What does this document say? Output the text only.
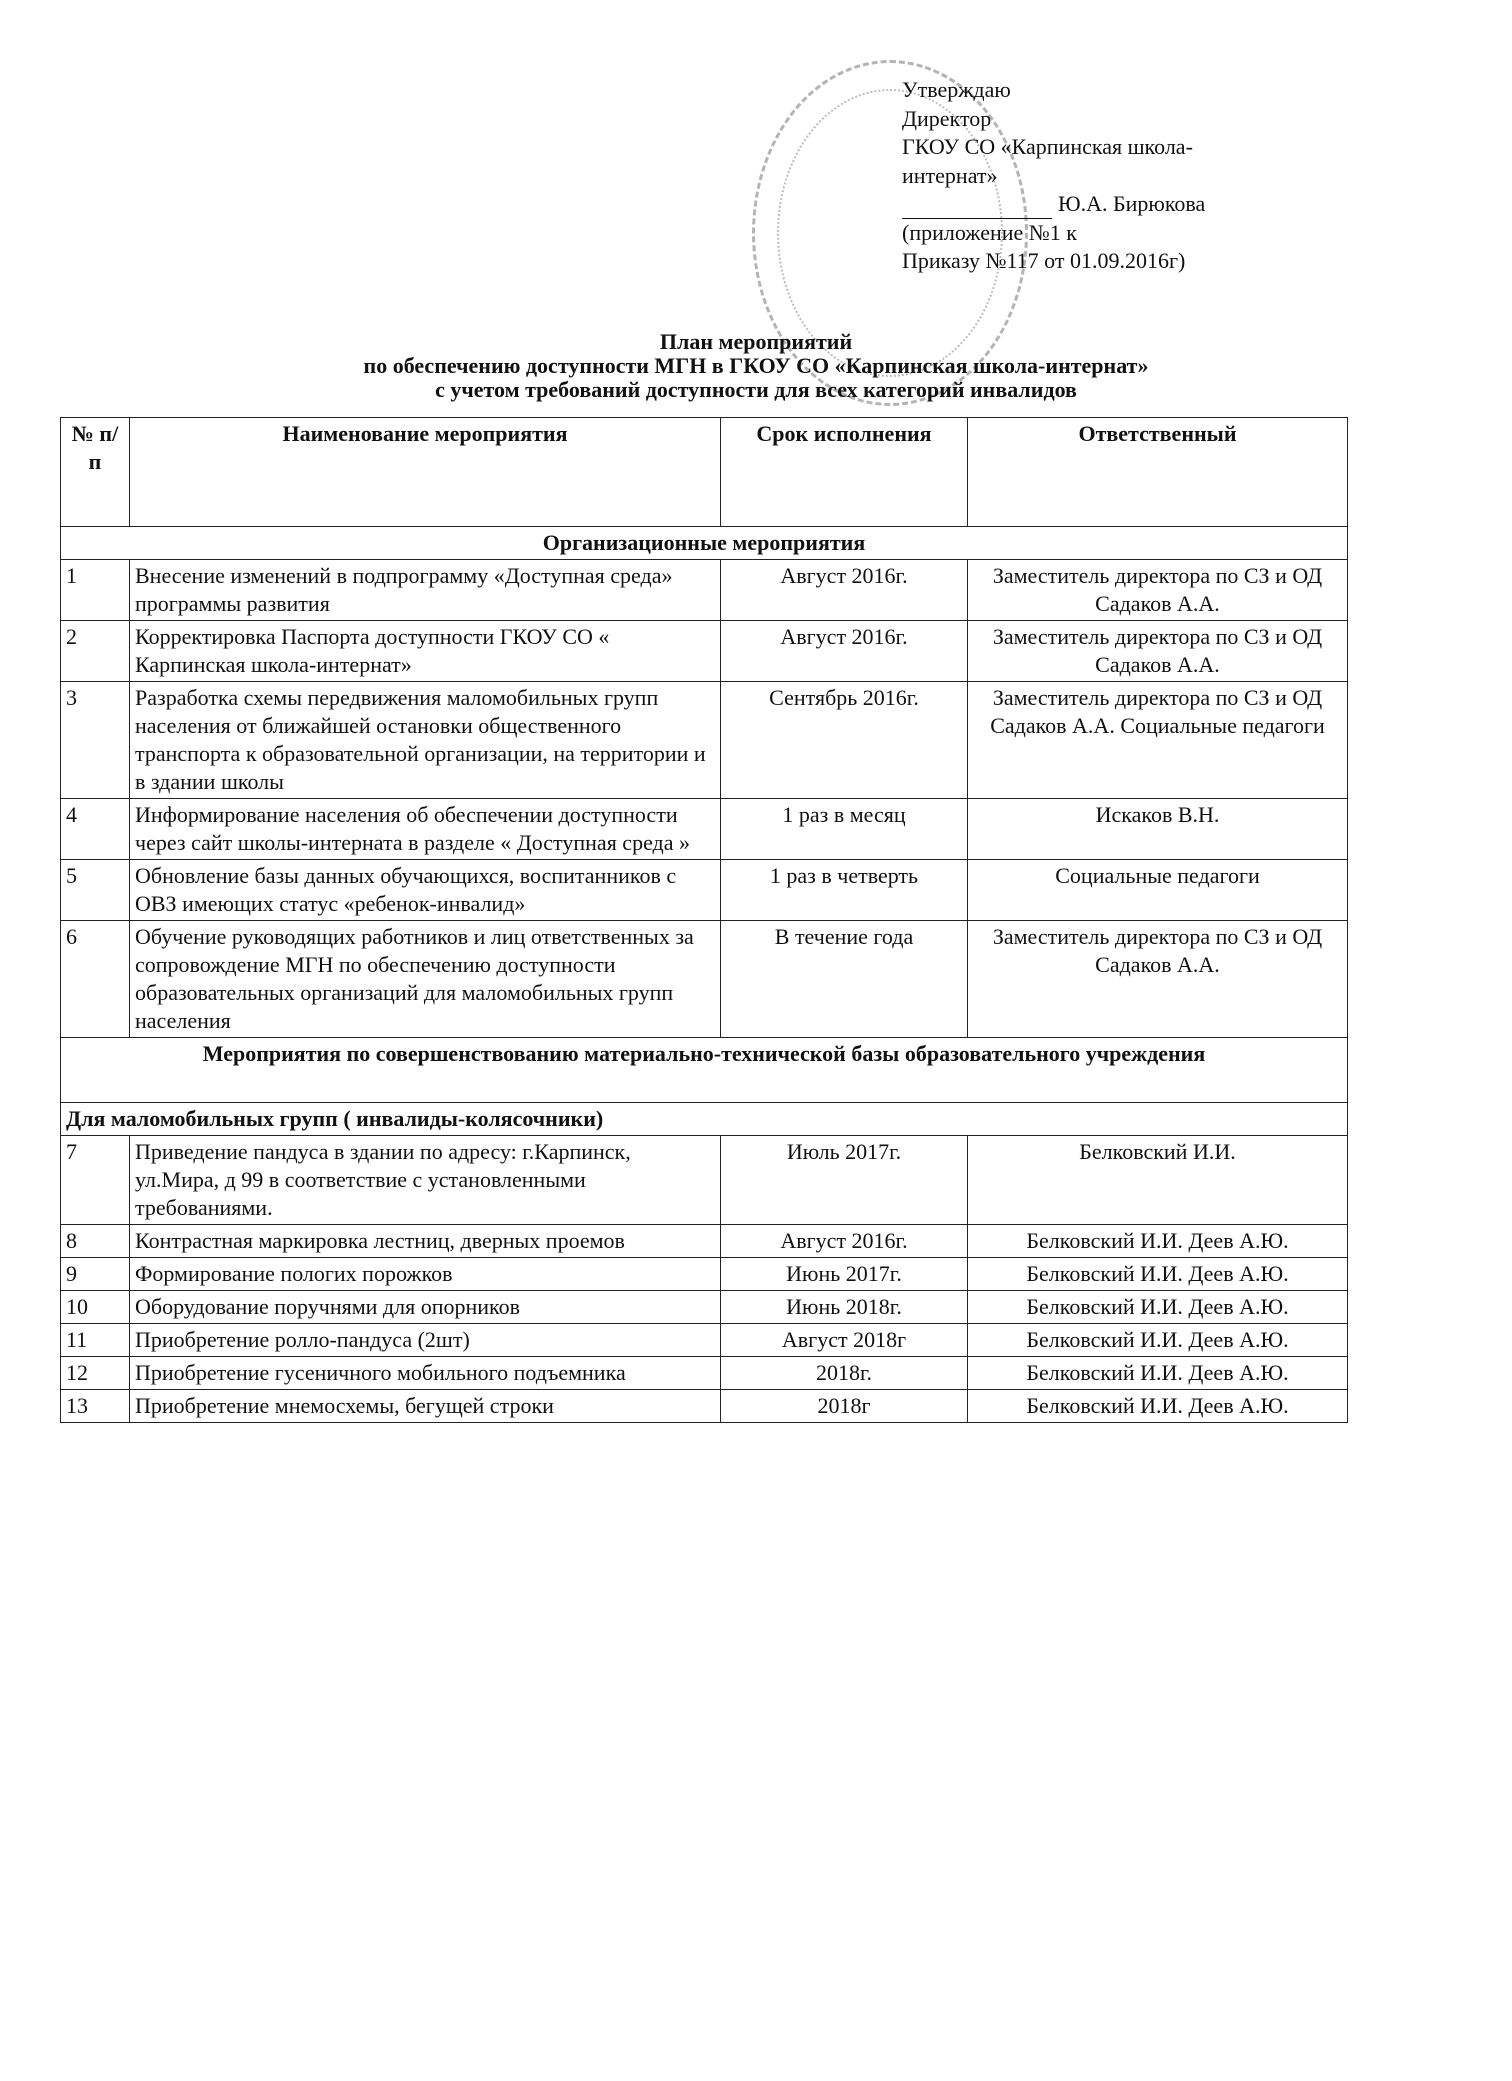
Утверждаю
Директор
ГКОУ СО «Карпинская школа-
интернат»
Ю.А. Бирюкова
(приложение №1 к
Приказу №117 от 01.09.2016г)
План мероприятий
по обеспечению доступности МГН в ГКОУ СО «Карпинская школа-интернат»
с учетом требований доступности для всех категорий инвалидов
№ п/п	Наименование мероприятия	Срок исполнения	Ответственный
Организационные мероприятия			
1	Внесение изменений в подпрограмму «Доступная среда» программы развития	Август 2016г.	Заместитель директора по СЗ и ОД Садаков А.А.
2	Корректировка Паспорта доступности ГКОУ СО « Карпинская школа-интернат»	Август 2016г.	Заместитель директора по СЗ и ОД Садаков А.А.
3	Разработка схемы передвижения маломобильных групп населения от ближайшей остановки общественного транспорта к образовательной организации, на территории и в здании школы	Сентябрь 2016г.	Заместитель директора по СЗ и ОД Садаков А.А. Социальные педагоги
4	Информирование населения об обеспечении доступности через сайт школы-интерната в разделе « Доступная среда »	1 раз в месяц	Искаков В.Н.
5	Обновление базы данных обучающихся, воспитанников с ОВЗ имеющих статус «ребенок-инвалид»	1 раз в четверть	Социальные педагоги
6	Обучение руководящих работников и лиц ответственных за сопровождение МГН по обеспечению доступности образовательных организаций для маломобильных групп населения	В течение года	Заместитель директора по СЗ и ОД Садаков А.А.
Мероприятия по совершенствованию материально-технической базы образовательного учреждения			
Для маломобильных групп ( инвалиды-колясочники)			
7	Приведение пандуса в здании по адресу: г.Карпинск, ул.Мира, д 99 в соответствие с установленными требованиями.	Июль 2017г.	Белковский И.И.
8	Контрастная маркировка лестниц, дверных проемов	Август 2016г.	Белковский И.И. Деев А.Ю.
9	Формирование пологих порожков	Июнь 2017г.	Белковский И.И. Деев А.Ю.
10	Оборудование поручнями для опорников	Июнь 2018г.	Белковский И.И. Деев А.Ю.
11	Приобретение ролло-пандуса (2шт)	Август 2018г	Белковский И.И. Деев А.Ю.
12	Приобретение гусеничного мобильного подъемника	2018г.	Белковский И.И. Деев А.Ю.
13	Приобретение мнемосхемы, бегущей строки	2018г	Белковский И.И. Деев А.Ю.
